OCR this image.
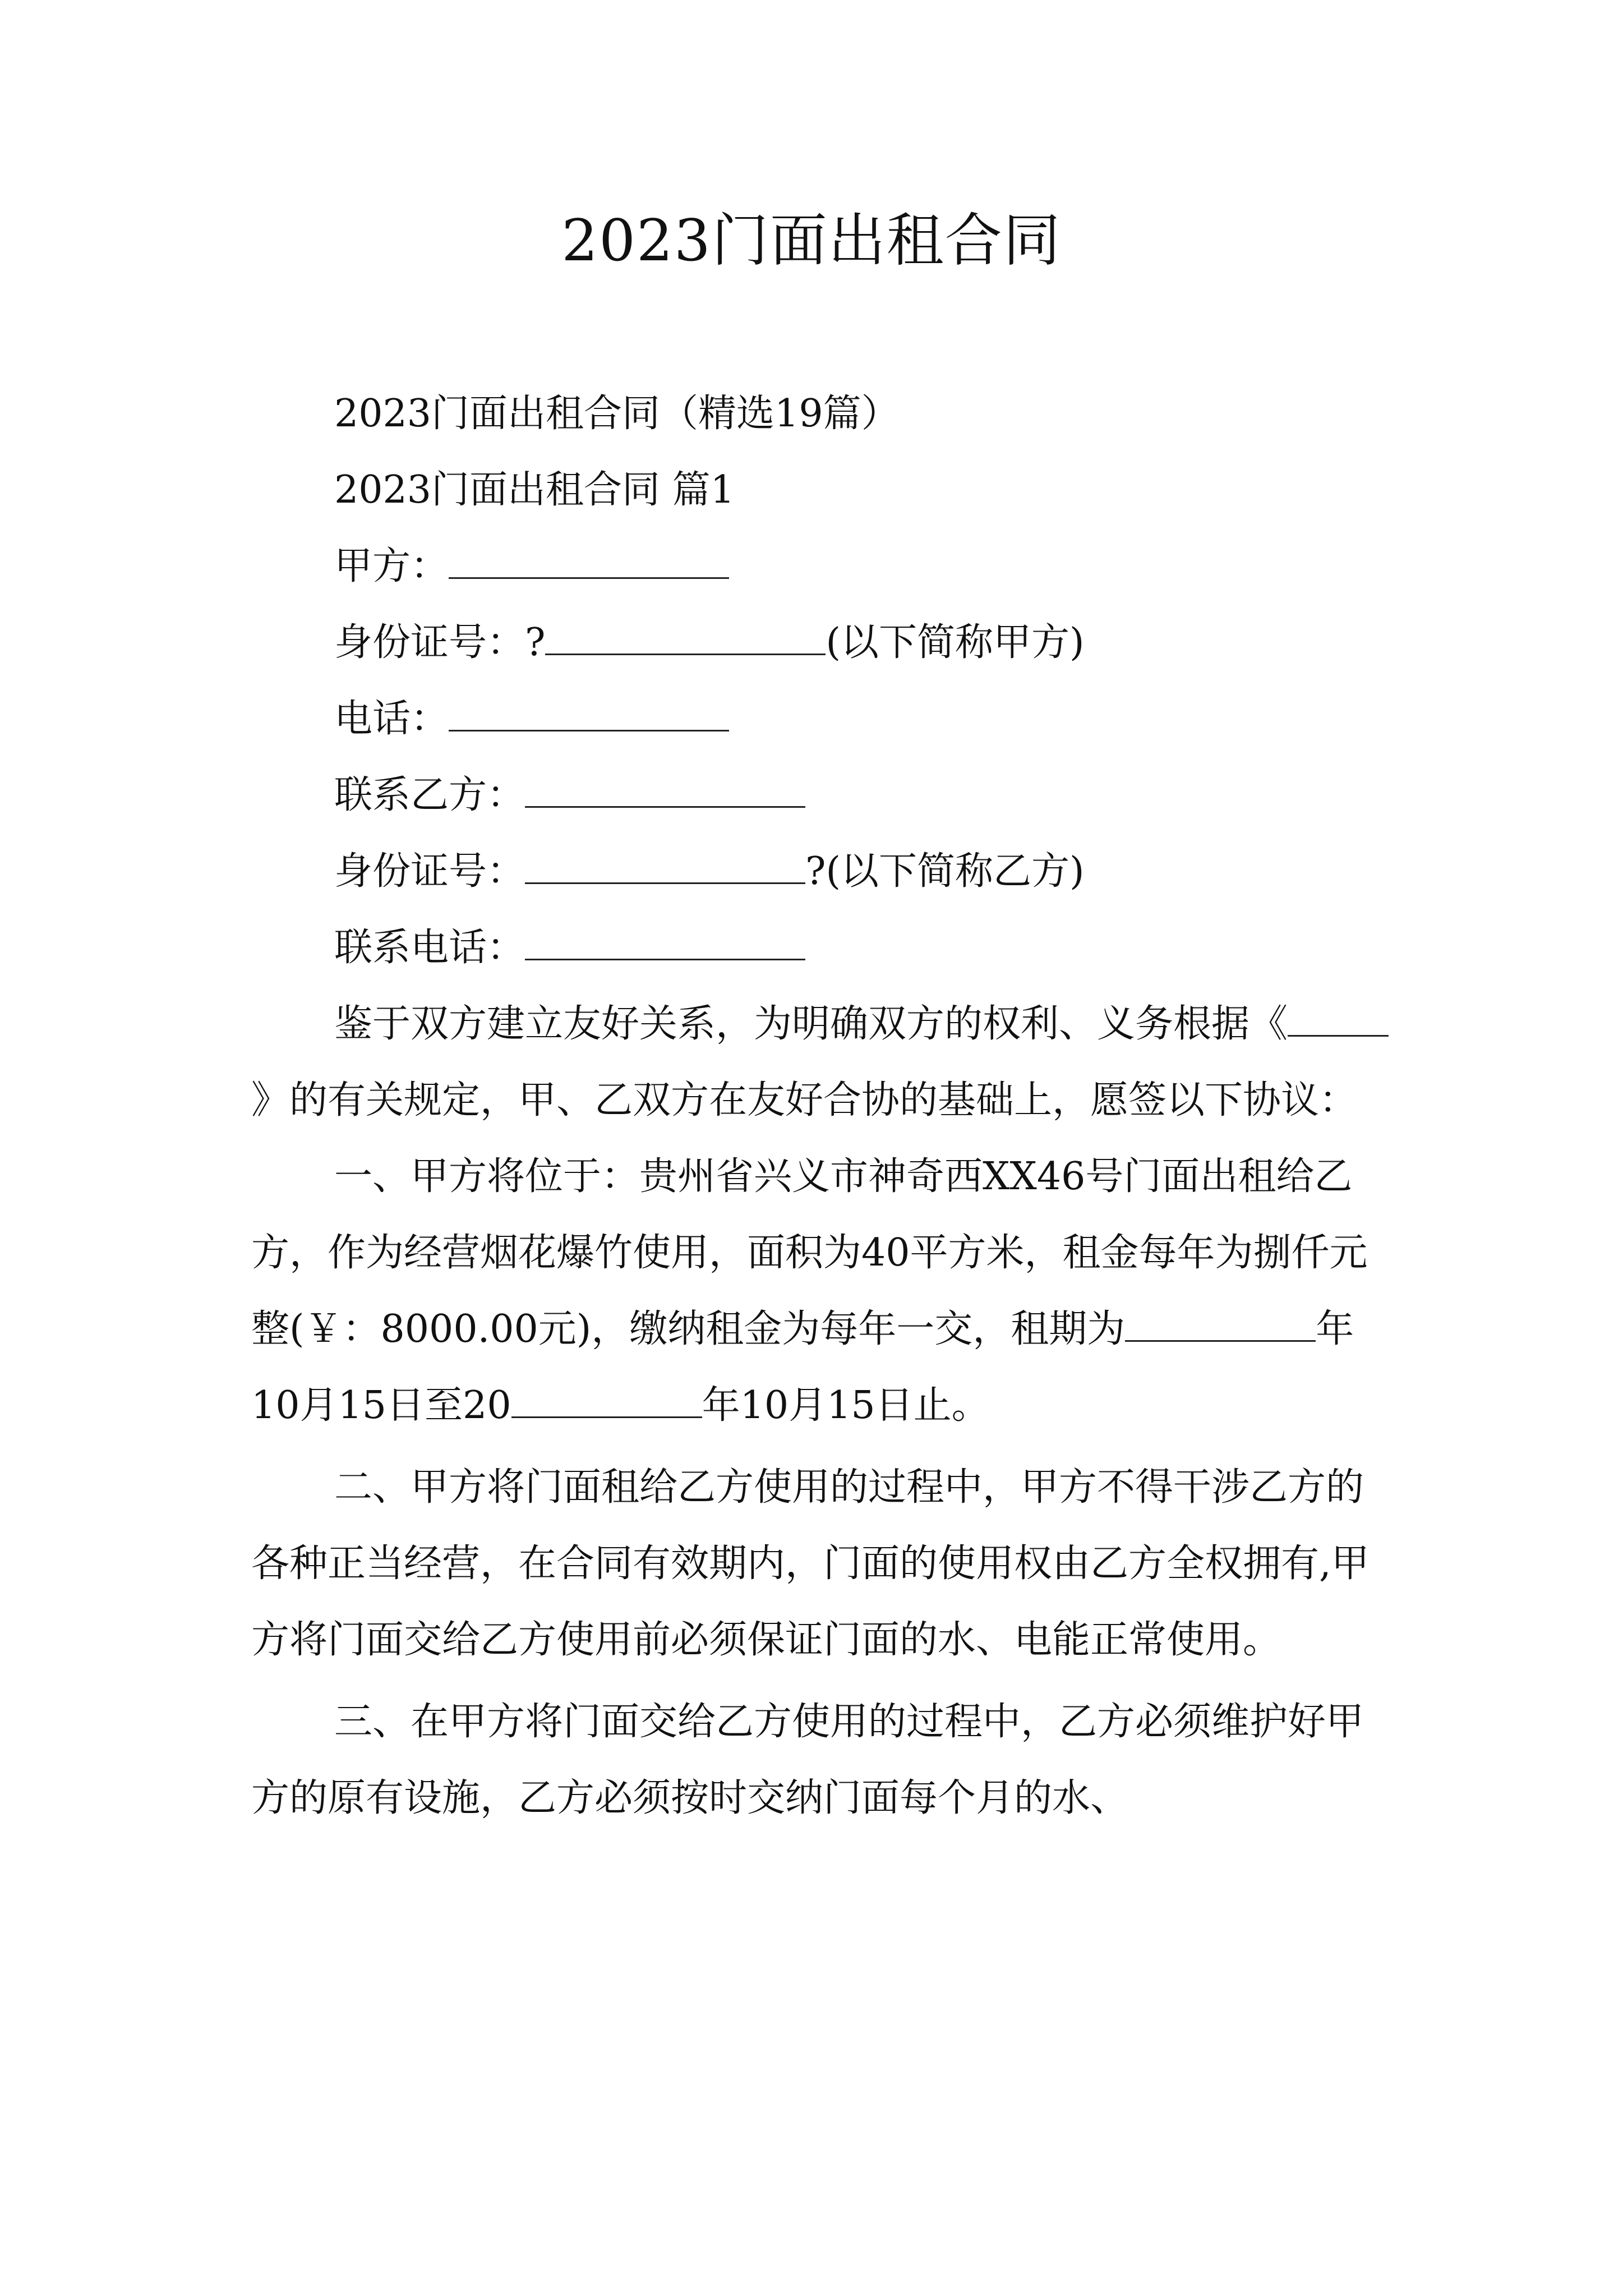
2023门面出租合同
2023门面出租合同（精选19篇）
2023门面出租合同 篇1
甲方：
身份证号：?	(以下简称甲方)
电话：
联系乙方：
身份证号：	?(以下简称乙方)
联系电话：

鉴于双方建立友好关系，为明确双方的权利、义务根据《》的有关规定，甲、乙双方在友好合协的基础上，愿签以下协议：

一、甲方将位于：贵州省兴义市神奇西XX46号门面出租给乙方，作为经营烟花爆竹使用，面积为40平方米，租金每年为捌仟元整(￥：8000.00元)，缴纳租金为每年一交，租期为	年10月15日至20	年10月15日止。

二、甲方将门面租给乙方使用的过程中，甲方不得干涉乙方的各种正当经营，在合同有效期内，门面的使用权由乙方全权拥有,甲方将门面交给乙方使用前必须保证门面的水、电能正常使用。

三、在甲方将门面交给乙方使用的过程中，乙方必须维护好甲方的原有设施，乙方必须按时交纳门面每个月的水、
